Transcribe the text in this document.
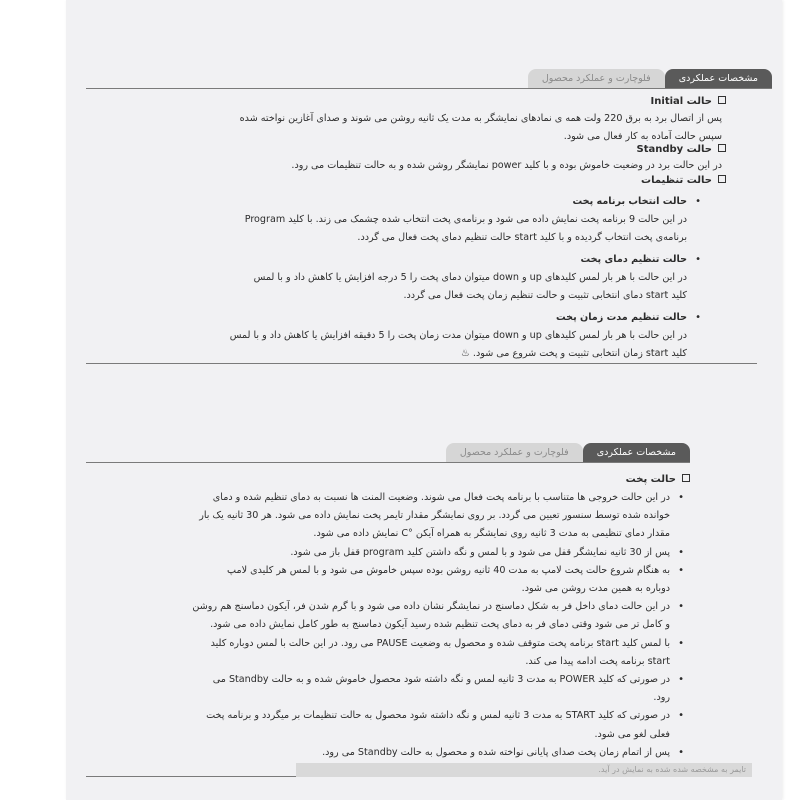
مشخصات عملکردی
فلوچارت و عملکرد محصول
حالت Initial
پس از اتصال برد به برق 220 ولت همه ی نمادهای نمایشگر به مدت یک ثانیه روشن می شوند و صدای آغازین نواخته شده
سپس حالت آماده به کار فعال می شود.
حالت Standby
در این حالت برد در وضعیت خاموش بوده و با کلید power نمایشگر روشن شده و به حالت تنظیمات می رود.
حالت تنظیمات
•
حالت انتخاب برنامه پخت
در این حالت 9 برنامه پخت نمایش داده می شود و برنامه‌ی پخت انتخاب شده چشمک می زند. با کلید Program
برنامه‌ی پخت انتخاب گردیده و با کلید start حالت تنظیم دمای پخت فعال می گردد.
•
حالت تنظیم دمای پخت
در این حالت با هر بار لمس کلیدهای up و down میتوان دمای پخت را 5 درجه افزایش یا کاهش داد و با لمس
کلید start دمای انتخابی تثبیت و حالت تنظیم زمان پخت فعال می گردد.
•
حالت تنظیم مدت زمان پخت
در این حالت با هر بار لمس کلیدهای up و down میتوان مدت زمان پخت را 5 دقیقه افزایش یا کاهش داد و با لمس
کلید start زمان انتخابی تثبیت و پخت شروع می شود. ♨
مشخصات عملکردی
فلوچارت و عملکرد محصول
حالت پخت
•
در این حالت خروجی ها متناسب با برنامه پخت فعال می شوند. وضعیت المنت ها نسبت به دمای تنظیم شده و دمای
خوانده شده توسط سنسور تعیین می گردد. بر روی نمایشگر مقدار تایمر پخت نمایش داده می شود. هر 30 ثانیه یک بار
مقدار دمای تنظیمی به مدت 3 ثانیه روی نمایشگر به همراه آیکن °C نمایش داده می شود.
•
پس از 30 ثانیه نمایشگر قفل می شود و با لمس و نگه داشتن کلید program قفل باز می شود.
•
به هنگام شروع حالت پخت لامپ به مدت 40 ثانیه روشن بوده سپس خاموش می شود و با لمس هر کلیدی لامپ
دوباره به همین مدت روشن می شود.
•
در این حالت دمای داخل فر به شکل دماسنج در نمایشگر نشان داده می شود و با گرم شدن فر، آیکون دماسنج هم روشن
و کامل تر می شود وقتی دمای فر به دمای پخت تنظیم شده رسید آیکون دماسنج به طور کامل نمایش داده می شود.
•
با لمس کلید start برنامه پخت متوقف شده و محصول به وضعیت PAUSE می رود. در این حالت با لمس دوباره کلید
start برنامه پخت ادامه پیدا می کند.
•
در صورتی که کلید POWER به مدت 3 ثانیه لمس و نگه داشته شود محصول خاموش شده و به حالت Standby می
رود.
•
در صورتی که کلید START به مدت 3 ثانیه لمس و نگه داشته شود محصول به حالت تنظیمات بر میگردد و برنامه پخت
فعلی لغو می شود.
•
پس از اتمام زمان پخت صدای پایانی نواخته شده و محصول به حالت Standby می رود.
تایمر به مشخصه شده شده به نمایش در آید.
